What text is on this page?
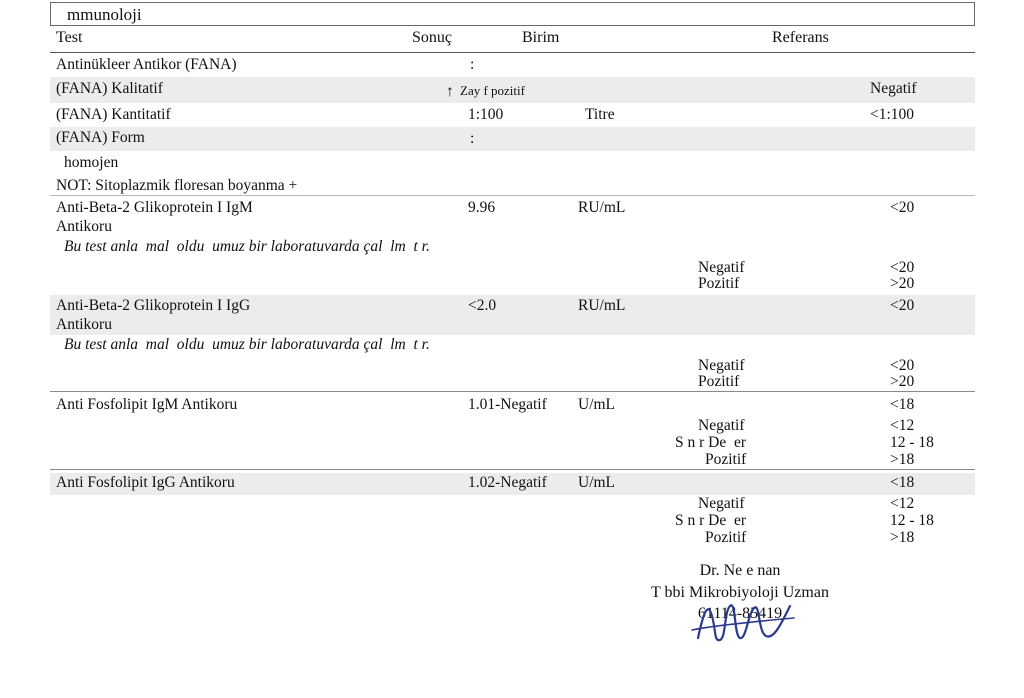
mmunoloji
Test	Sonuç	Birim	Referans
Antinükleer Antikor (FANA)	:
(FANA) Kalitatif	↑ Zay f pozitif	Negatif
(FANA) Kantitatif	1:100	Titre	<1:100
(FANA) Form	:
homojen
NOT: Sitoplazmik floresan boyanma +
Anti-Beta-2 Glikoprotein I IgM
Antikoru
9.96	RU/mL	<20
Bu test anla  mal  oldu  umuz bir laboratuvarda çal  lm  t r.
Negatif	<20
Pozitif	>20
Anti-Beta-2 Glikoprotein I IgG
Antikoru
<2.0	RU/mL	<20
Bu test anla  mal  oldu  umuz bir laboratuvarda çal  lm  t r.
Negatif	<20
Pozitif	>20
Anti Fosfolipit IgM Antikoru	1.01-Negatif U/mL	<18
Negatif	<12
S n r De  er	12 - 18
Pozitif	>18
Anti Fosfolipit IgG Antikoru	1.02-Negatif U/mL	<18
Negatif	<12
S n r De  er	12 - 18
Pozitif	>18
Dr. Ne e nan
T bbi Mikrobiyoloji Uzman
61114-85419
